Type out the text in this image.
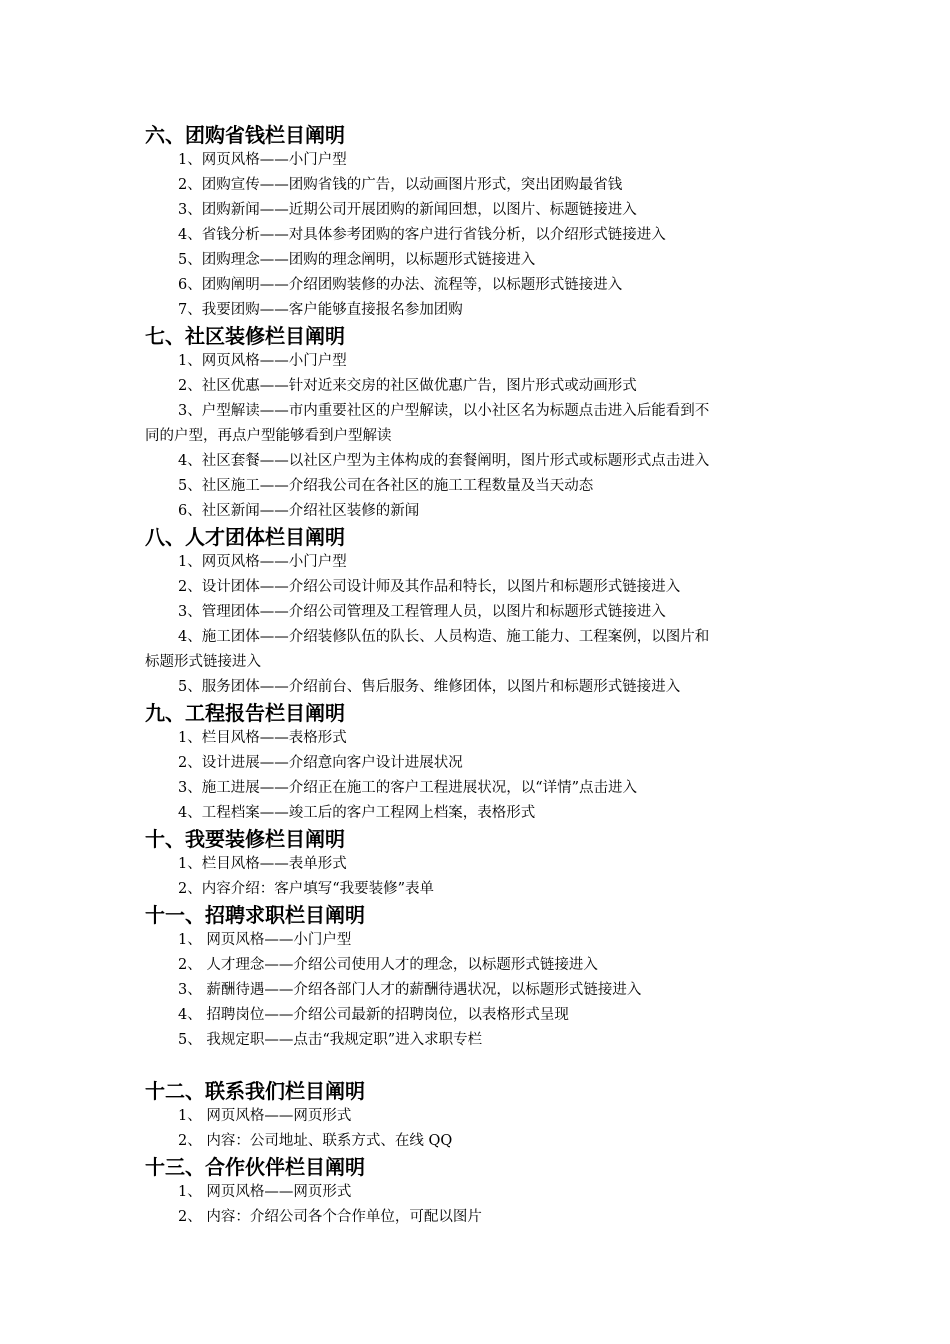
六、团购省钱栏目阐明

1、网页风格——小门户型

2、团购宣传——团购省钱的广告，以动画图片形式，突出团购最省钱

3、团购新闻——近期公司开展团购的新闻回想，以图片、标题链接进入

4、省钱分析——对具体参考团购的客户进行省钱分析，以介绍形式链接进入

5、团购理念——团购的理念阐明，以标题形式链接进入

6、团购阐明——介绍团购装修的办法、流程等，以标题形式链接进入

7、我要团购——客户能够直接报名参加团购

七、社区装修栏目阐明

1、网页风格——小门户型

2、社区优惠——针对近来交房的社区做优惠广告，图片形式或动画形式

3、户型解读——市内重要社区的户型解读，以小社区名为标题点击进入后能看到不

同的户型，再点户型能够看到户型解读

4、社区套餐——以社区户型为主体构成的套餐阐明，图片形式或标题形式点击进入

5、社区施工——介绍我公司在各社区的施工工程数量及当天动态

6、社区新闻——介绍社区装修的新闻

八、人才团体栏目阐明

1、网页风格——小门户型

2、设计团体——介绍公司设计师及其作品和特长，以图片和标题形式链接进入

3、管理团体——介绍公司管理及工程管理人员，以图片和标题形式链接进入

4、施工团体——介绍装修队伍的队长、人员构造、施工能力、工程案例，以图片和

标题形式链接进入

5、服务团体——介绍前台、售后服务、维修团体，以图片和标题形式链接进入

九、工程报告栏目阐明

1、栏目风格——表格形式

2、设计进展——介绍意向客户设计进展状况

3、施工进展——介绍正在施工的客户工程进展状况，以“详情”点击进入

4、工程档案——竣工后的客户工程网上档案，表格形式

十、我要装修栏目阐明

1、栏目风格——表单形式

2、内容介绍：客户填写“我要装修”表单

十一、招聘求职栏目阐明

1、 网页风格——小门户型

2、 人才理念——介绍公司使用人才的理念，以标题形式链接进入

3、 薪酬待遇——介绍各部门人才的薪酬待遇状况，以标题形式链接进入

4、 招聘岗位——介绍公司最新的招聘岗位，以表格形式呈现

5、 我规定职——点击“我规定职”进入求职专栏

十二、联系我们栏目阐明

1、 网页风格——网页形式

2、 内容：公司地址、联系方式、在线 QQ

十三、合作伙伴栏目阐明

1、 网页风格——网页形式

2、 内容：介绍公司各个合作单位，可配以图片
